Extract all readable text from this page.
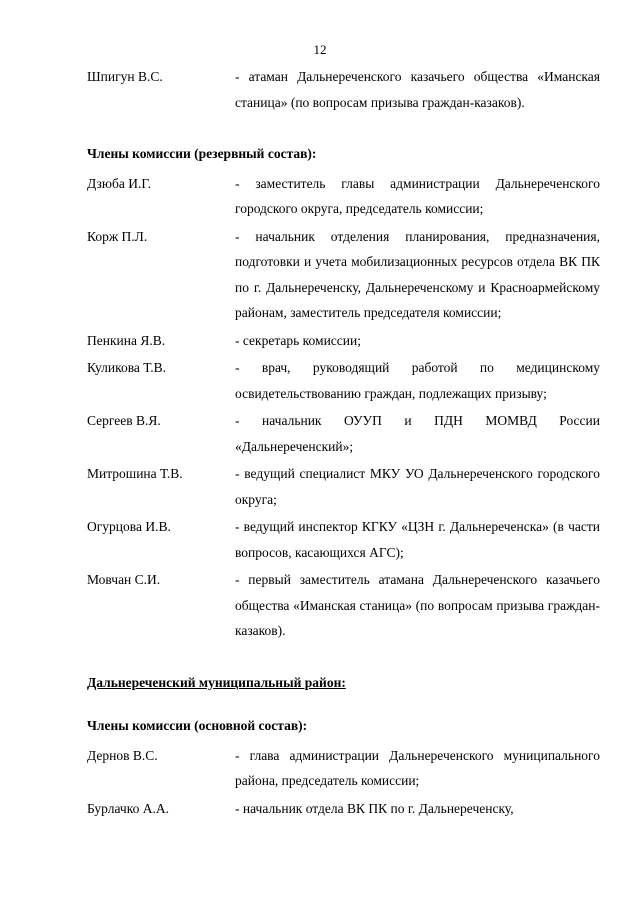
12
Шпигун В.С.	- атаман Дальнереченского казачьего общества «Иманская станица» (по вопросам призыва граждан-казаков).
Члены комиссии (резервный состав):
Дзюба И.Г.	- заместитель главы администрации Дальнереченского городского округа, председатель комиссии;
Корж П.Л.	- начальник отделения планирования, предназначения, подготовки и учета мобилизационных ресурсов отдела ВК ПК по г. Дальнереченску, Дальнереченскому и Красноармейскому районам, заместитель председателя комиссии;
Пенкина Я.В.	- секретарь комиссии;
Куликова Т.В.	- врач, руководящий работой по медицинскому освидетельствованию граждан, подлежащих призыву;
Сергеев В.Я.	- начальник ОУУП и ПДН МОМВД России «Дальнереченский»;
Митрошина Т.В.	- ведущий специалист МКУ УО Дальнереченского городского округа;
Огурцова И.В.	- ведущий инспектор КГКУ «ЦЗН г. Дальнереченска» (в части вопросов, касающихся АГС);
Мовчан С.И.	- первый заместитель атамана Дальнереченского казачьего общества «Иманская станица» (по вопросам призыва граждан-казаков).
Дальнереченский муниципальный район:
Члены комиссии (основной состав):
Дернов В.С.	- глава администрации Дальнереченского муниципального района, председатель комиссии;
Бурлачко А.А.	- начальник отдела ВК ПК по г. Дальнереченску,
